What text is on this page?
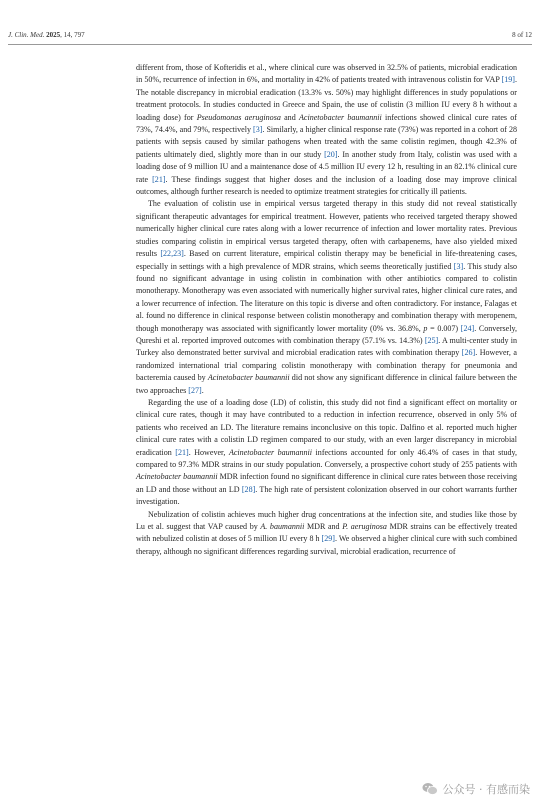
J. Clin. Med. 2025, 14, 797	8 of 12

different from, those of Kofteridis et al., where clinical cure was observed in 32.5% of patients, microbial eradication in 50%, recurrence of infection in 6%, and mortality in 42% of patients treated with intravenous colistin for VAP [19]. The notable discrepancy in microbial eradication (13.3% vs. 50%) may highlight differences in study populations or treatment protocols. In studies conducted in Greece and Spain, the use of colistin (3 million IU every 8 h without a loading dose) for Pseudomonas aeruginosa and Acinetobacter baumannii infections showed clinical cure rates of 73%, 74.4%, and 79%, respectively [3]. Similarly, a higher clinical response rate (73%) was reported in a cohort of 28 patients with sepsis caused by similar pathogens when treated with the same colistin regimen, though 42.3% of patients ultimately died, slightly more than in our study [20]. In another study from Italy, colistin was used with a loading dose of 9 million IU and a maintenance dose of 4.5 million IU every 12 h, resulting in an 82.1% clinical cure rate [21]. These findings suggest that higher doses and the inclusion of a loading dose may improve clinical outcomes, although further research is needed to optimize treatment strategies for critically ill patients.

The evaluation of colistin use in empirical versus targeted therapy in this study did not reveal statistically significant therapeutic advantages for empirical treatment. However, patients who received targeted therapy showed numerically higher clinical cure rates along with a lower recurrence of infection and lower mortality rates. Previous studies comparing colistin in empirical versus targeted therapy, often with carbapenems, have also yielded mixed results [22,23]. Based on current literature, empirical colistin therapy may be beneficial in life-threatening cases, especially in settings with a high prevalence of MDR strains, which seems theoretically justified [3]. This study also found no significant advantage in using colistin in combination with other antibiotics compared to colistin monotherapy. Monotherapy was even associated with numerically higher survival rates, higher clinical cure rates, and a lower recurrence of infection. The literature on this topic is diverse and often contradictory. For instance, Falagas et al. found no difference in clinical response between colistin monotherapy and combination therapy with meropenem, though monotherapy was associated with significantly lower mortality (0% vs. 36.8%, p = 0.007) [24]. Conversely, Qureshi et al. reported improved outcomes with combination therapy (57.1% vs. 14.3%) [25]. A multi-center study in Turkey also demonstrated better survival and microbial eradication rates with combination therapy [26]. However, a randomized international trial comparing colistin monotherapy with combination therapy for pneumonia and bacteremia caused by Acinetobacter baumannii did not show any significant difference in clinical failure between the two approaches [27].

Regarding the use of a loading dose (LD) of colistin, this study did not find a significant effect on mortality or clinical cure rates, though it may have contributed to a reduction in infection recurrence, observed in only 5% of patients who received an LD. The literature remains inconclusive on this topic. Dalfino et al. reported much higher clinical cure rates with a colistin LD regimen compared to our study, with an even larger discrepancy in microbial eradication [21]. However, Acinetobacter baumannii infections accounted for only 46.4% of cases in that study, compared to 97.3% MDR strains in our study population. Conversely, a prospective cohort study of 255 patients with Acinetobacter baumannii MDR infection found no significant difference in clinical cure rates between those receiving an LD and those without an LD [28]. The high rate of persistent colonization observed in our cohort warrants further investigation.

Nebulization of colistin achieves much higher drug concentrations at the infection site, and studies like those by Lu et al. suggest that VAP caused by A. baumannii MDR and P. aeruginosa MDR strains can be effectively treated with nebulized colistin at doses of 5 million IU every 8 h [29]. We observed a higher clinical cure with such combined therapy, although no significant differences regarding survival, microbial eradication, recurrence of

公众号 · 有感而染
